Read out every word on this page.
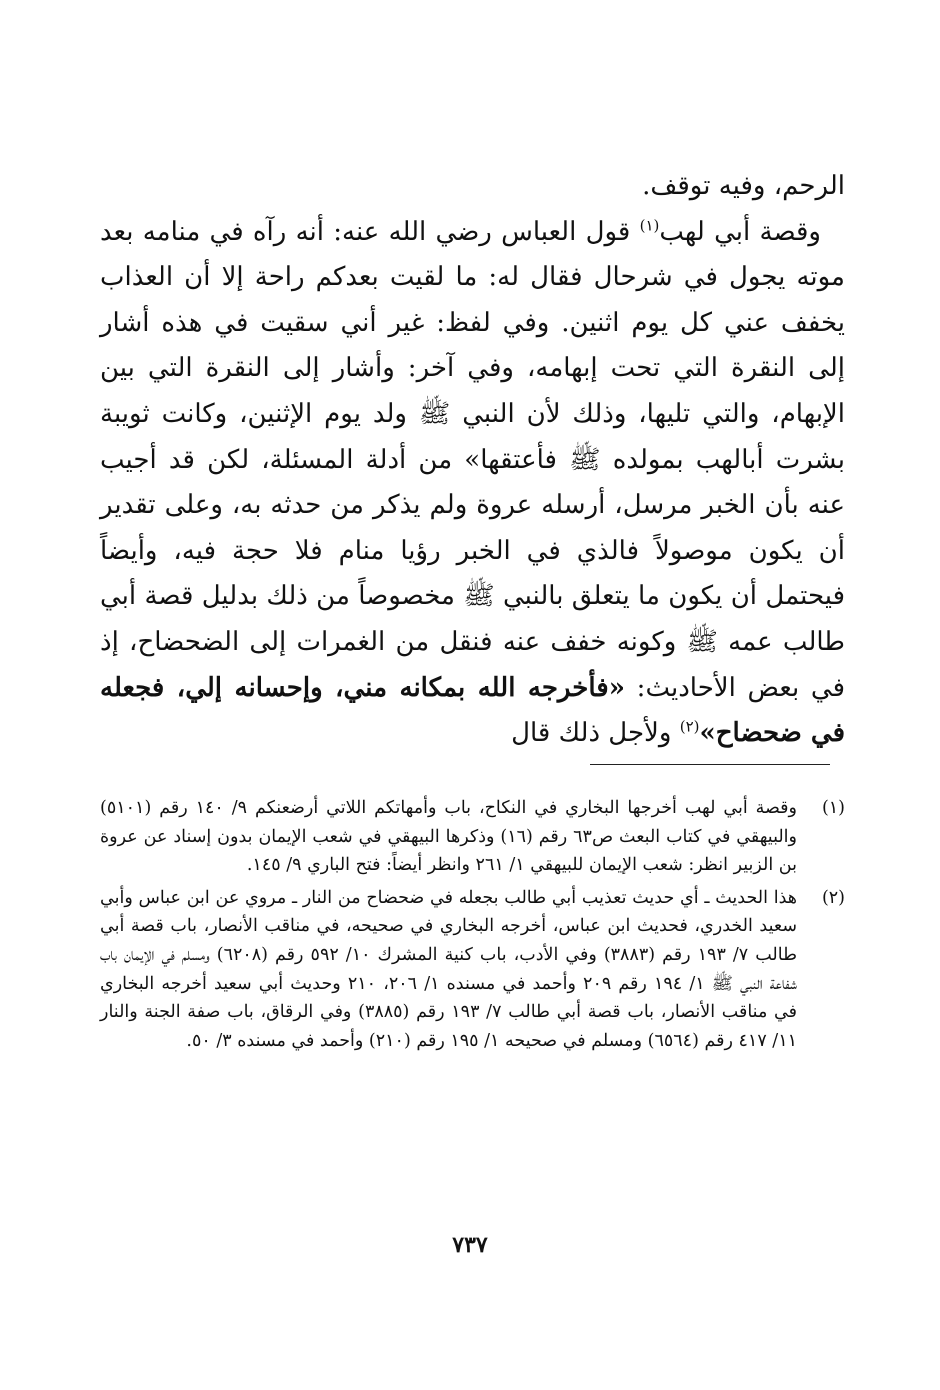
الرحم، وفيه توقف.

وقصة أبي لهب$^{(١)}$ قول العباس رضي الله عنه: أنه رآه في منامه بعد موته يجول في شرحال فقال له: ما لقيت بعدكم راحة إلا أن العذاب يخفف عني كل يوم اثنين. وفي لفظ: غير أني سقيت في هذه أشار إلى النقرة التي تحت إبهامه، وفي آخر: وأشار إلى النقرة التي بين الإبهام، والتي تليها، وذلك لأن النبي ﷺ ولد يوم الإثنين، وكانت ثويبة بشرت أبالهب بمولده ﷺ فأعتقها» من أدلة المسئلة، لكن قد أجيب عنه بأن الخبر مرسل، أرسله عروة ولم يذكر من حدثه به، وعلى تقدير أن يكون موصولاً فالذي في الخبر رؤيا منام فلا حجة فيه، وأيضاً فيحتمل أن يكون ما يتعلق بالنبي ﷺ مخصوصاً من ذلك بدليل قصة أبي طالب عمه ﷺ وكونه خفف عنه فنقل من الغمرات إلى الضحضاح، إذ في بعض الأحاديث: «فأخرجه الله بمكانه مني، وإحسانه إلي، فجعله في ضحضاح»$^{(٢)}$ ولأجل ذلك قال

(١)
وقصة أبي لهب أخرجها البخاري في النكاح، باب وأمهاتكم اللاتي أرضعنكم ٩/ ١٤٠ رقم (٥١٠١) والبيهقي في كتاب البعث ص٦٣ رقم (١٦) وذكرها البيهقي في شعب الإيمان بدون إسناد عن عروة بن الزبير انظر: شعب الإيمان للبيهقي ١/ ٢٦١ وانظر أيضاً: فتح الباري ٩/ ١٤٥.
(٢)
هذا الحديث ـ أي حديث تعذيب أبي طالب بجعله في ضحضاح من النار ـ مروي عن ابن عباس وأبي سعيد الخدري، فحديث ابن عباس، أخرجه البخاري في صحيحه، في مناقب الأنصار، باب قصة أبي طالب ٧/ ١٩٣ رقم (٣٨٨٣) وفي الأدب، باب كنية المشرك ١٠/ ٥٩٢ رقم (٦٢٠٨) ومسلم في الإيمان باب شفاعة النبي ﷺ ١/ ١٩٤ رقم ٢٠٩ وأحمد في مسنده ١/ ٢٠٦، ٢١٠ وحديث أبي سعيد أخرجه البخاري في مناقب الأنصار، باب قصة أبي طالب ٧/ ١٩٣ رقم (٣٨٨٥) وفي الرقاق، باب صفة الجنة والنار ١١/ ٤١٧ رقم (٦٥٦٤) ومسلم في صحيحه ١/ ١٩٥ رقم (٢١٠) وأحمد في مسنده ٣/ ٥٠.
٧٣٧
